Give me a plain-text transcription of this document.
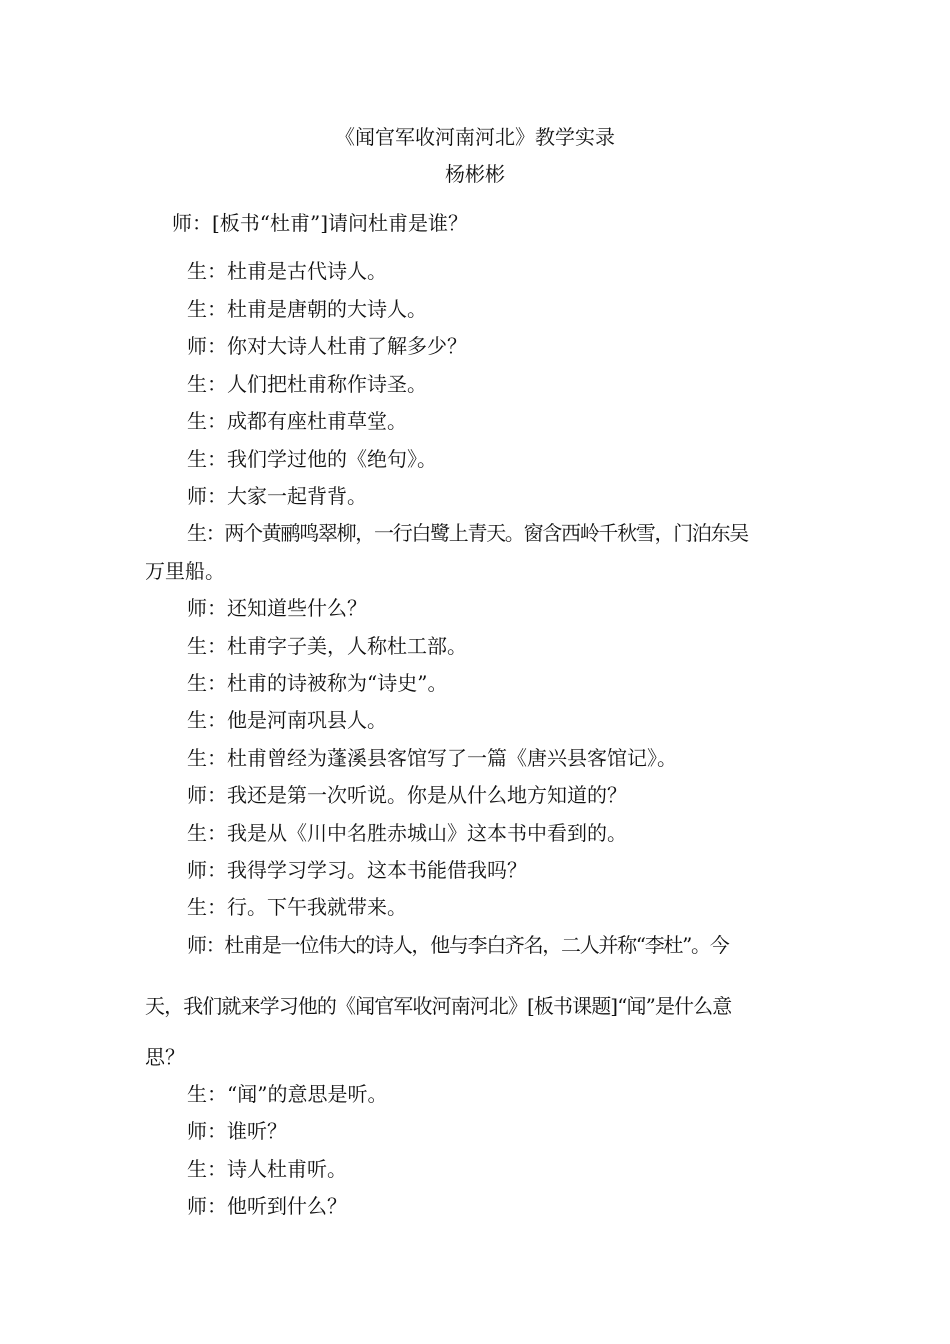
《闻官军收河南河北》教学实录
杨彬彬
师：[板书“杜甫”]请问杜甫是谁？
生：杜甫是古代诗人。
生：杜甫是唐朝的大诗人。
师：你对大诗人杜甫了解多少？
生：人们把杜甫称作诗圣。
生：成都有座杜甫草堂。
生：我们学过他的《绝句》。
师：大家一起背背。
生：两个黄鹂鸣翠柳，一行白鹭上青天。窗含西岭千秋雪，门泊东吴
万里船。
师：还知道些什么？
生：杜甫字子美，人称杜工部。
生：杜甫的诗被称为“诗史”。
生：他是河南巩县人。
生：杜甫曾经为蓬溪县客馆写了一篇《唐兴县客馆记》。
师：我还是第一次听说。你是从什么地方知道的？
生：我是从《川中名胜赤城山》这本书中看到的。
师：我得学习学习。这本书能借我吗？
生：行。下午我就带来。
师：杜甫是一位伟大的诗人，他与李白齐名，二人并称“李杜”。今
天，我们就来学习他的《闻官军收河南河北》[板书课题]“闻”是什么意
思？
生：“闻”的意思是听。
师：谁听？
生：诗人杜甫听。
师：他听到什么？
